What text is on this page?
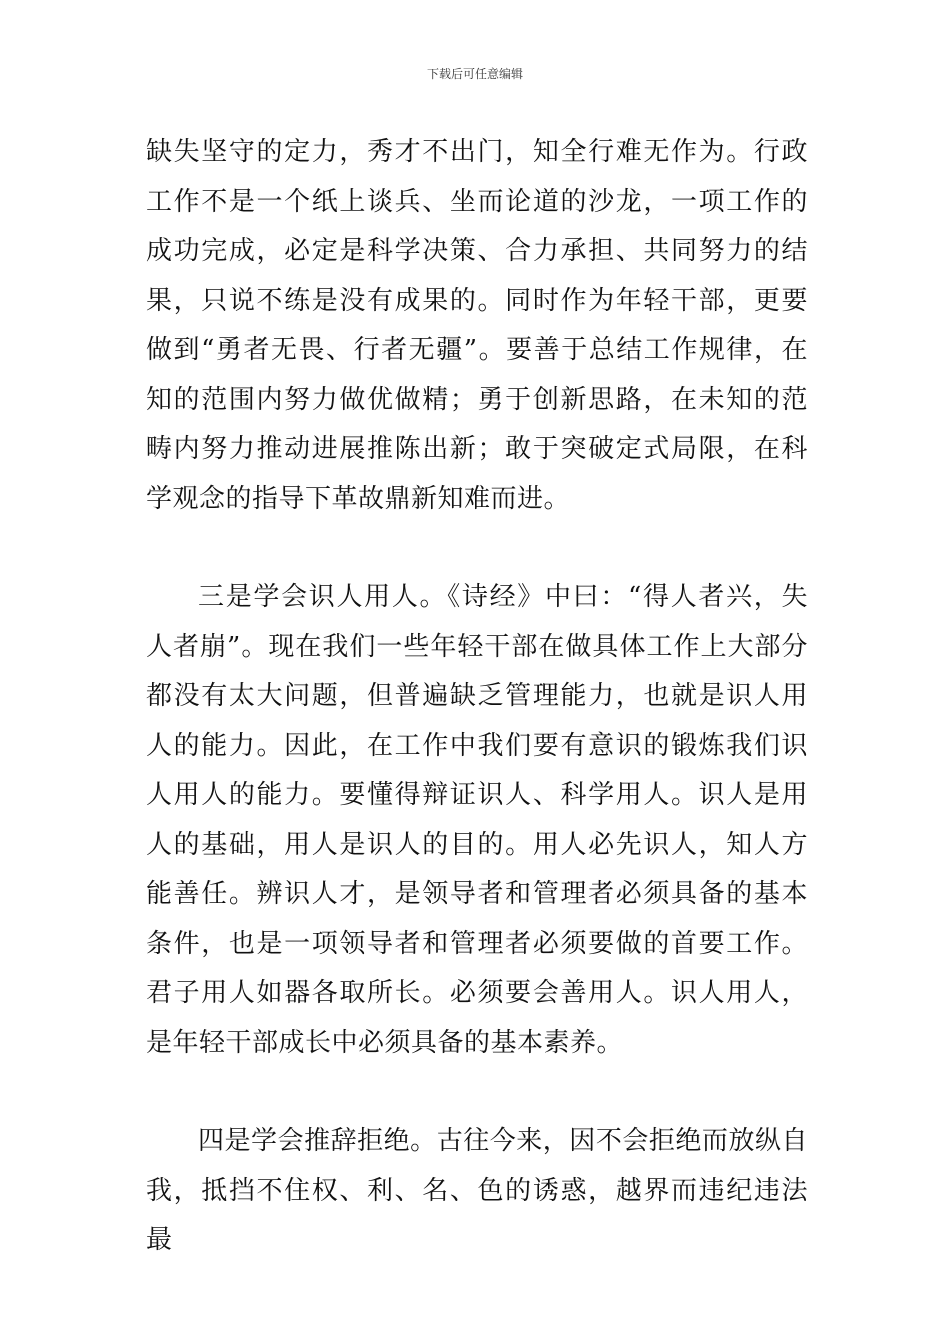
下载后可任意编辑

缺失坚守的定力，秀才不出门，知全行难无作为。行政工作不是一个纸上谈兵、坐而论道的沙龙，一项工作的成功完成，必定是科学决策、合力承担、共同努力的结果，只说不练是没有成果的。同时作为年轻干部，更要做到“勇者无畏、行者无疆”。要善于总结工作规律，在知的范围内努力做优做精；勇于创新思路，在未知的范畴内努力推动进展推陈出新；敢于突破定式局限，在科学观念的指导下革故鼎新知难而进。

三是学会识人用人。《诗经》中曰：“得人者兴，失人者崩”。现在我们一些年轻干部在做具体工作上大部分都没有太大问题，但普遍缺乏管理能力，也就是识人用人的能力。因此，在工作中我们要有意识的锻炼我们识人用人的能力。要懂得辩证识人、科学用人。识人是用人的基础，用人是识人的目的。用人必先识人，知人方能善任。辨识人才，是领导者和管理者必须具备的基本条件，也是一项领导者和管理者必须要做的首要工作。君子用人如器各取所长。必须要会善用人。识人用人，是年轻干部成长中必须具备的基本素养。

四是学会推辞拒绝。古往今来，因不会拒绝而放纵自我，抵挡不住权、利、名、色的诱惑，越界而违纪违法最
